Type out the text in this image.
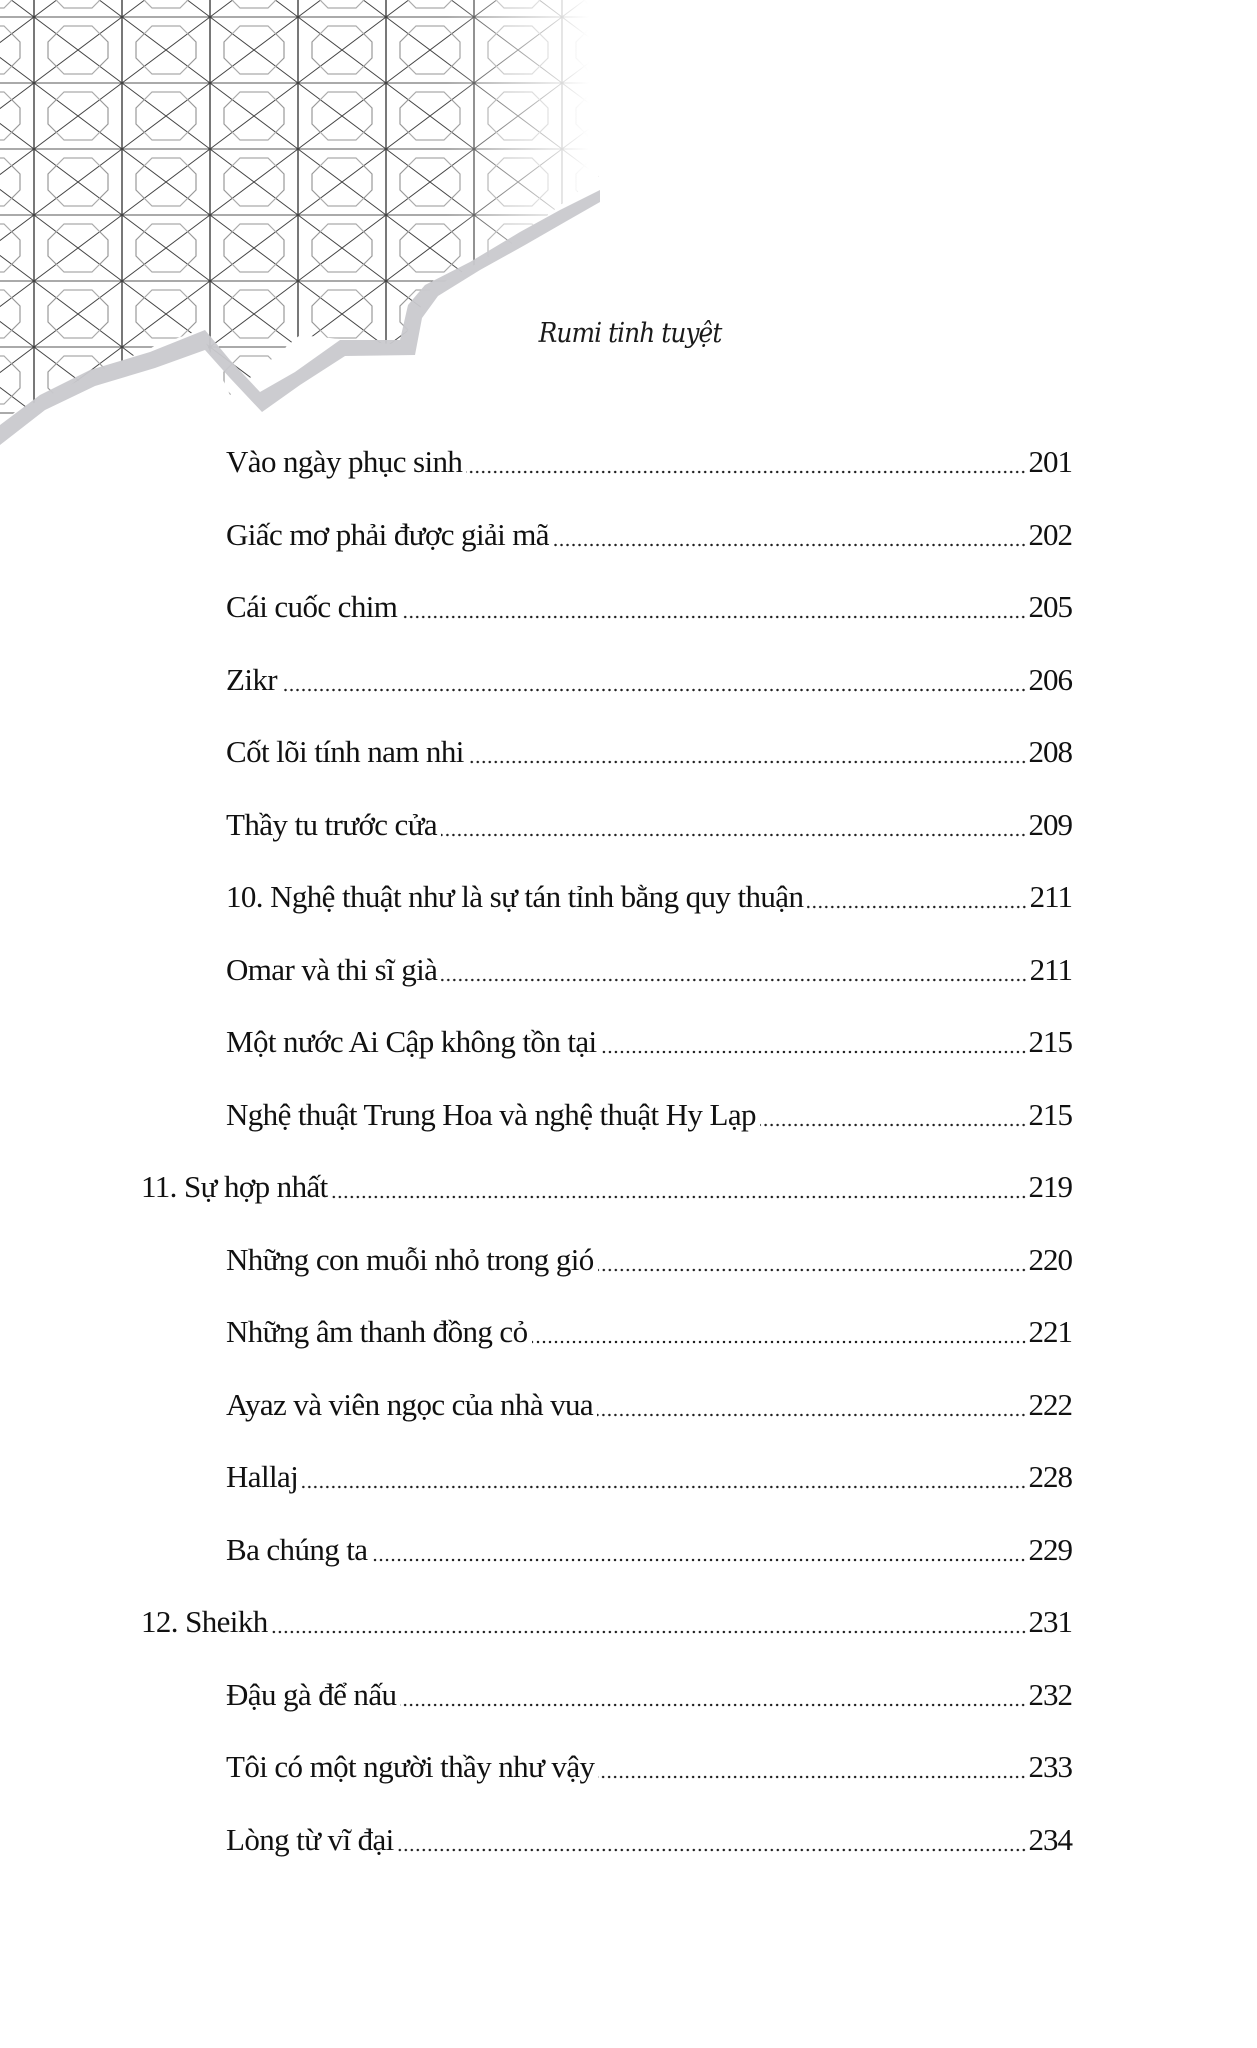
Rumi tinh tuyệt
Vào ngày phục sinh	201
Giấc mơ phải được giải mã	202
Cái cuốc chim	205
Zikr	206
Cốt lõi tính nam nhi	208
Thầy tu trước cửa	209
10. Nghệ thuật như là sự tán tỉnh bằng quy thuận	211
Omar và thi sĩ già	211
Một nước Ai Cập không tồn tại	215
Nghệ thuật Trung Hoa và nghệ thuật Hy Lạp	215
11. Sự hợp nhất	219
Những con muỗi nhỏ trong gió	220
Những âm thanh đồng cỏ	221
Ayaz và viên ngọc của nhà vua	222
Hallaj	228
Ba chúng ta	229
12. Sheikh	231
Đậu gà để nấu	232
Tôi có một người thầy như vậy	233
Lòng từ vĩ đại	234
